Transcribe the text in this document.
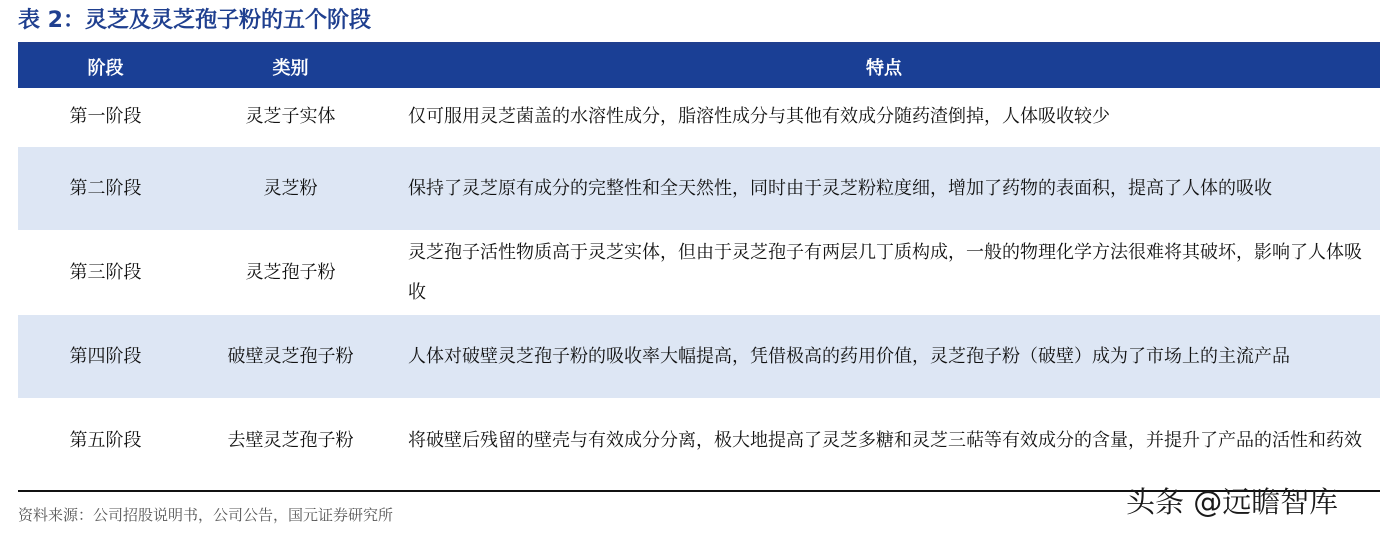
表 2：灵芝及灵芝孢子粉的五个阶段
阶段	类别	特点
第一阶段	灵芝子实体	仅可服用灵芝菌盖的水溶性成分，脂溶性成分与其他有效成分随药渣倒掉，人体吸收较少
第二阶段	灵芝粉	保持了灵芝原有成分的完整性和全天然性，同时由于灵芝粉粒度细，增加了药物的表面积，提高了人体的吸收
第三阶段	灵芝孢子粉	灵芝孢子活性物质高于灵芝实体，但由于灵芝孢子有两层几丁质构成，一般的物理化学方法很难将其破坏，影响了人体吸收
第四阶段	破壁灵芝孢子粉	人体对破壁灵芝孢子粉的吸收率大幅提高，凭借极高的药用价值，灵芝孢子粉（破壁）成为了市场上的主流产品
第五阶段	去壁灵芝孢子粉	将破壁后残留的壁壳与有效成分分离，极大地提高了灵芝多糖和灵芝三萜等有效成分的含量，并提升了产品的活性和药效
资料来源：公司招股说明书，公司公告，国元证券研究所	头条 @远瞻智库
